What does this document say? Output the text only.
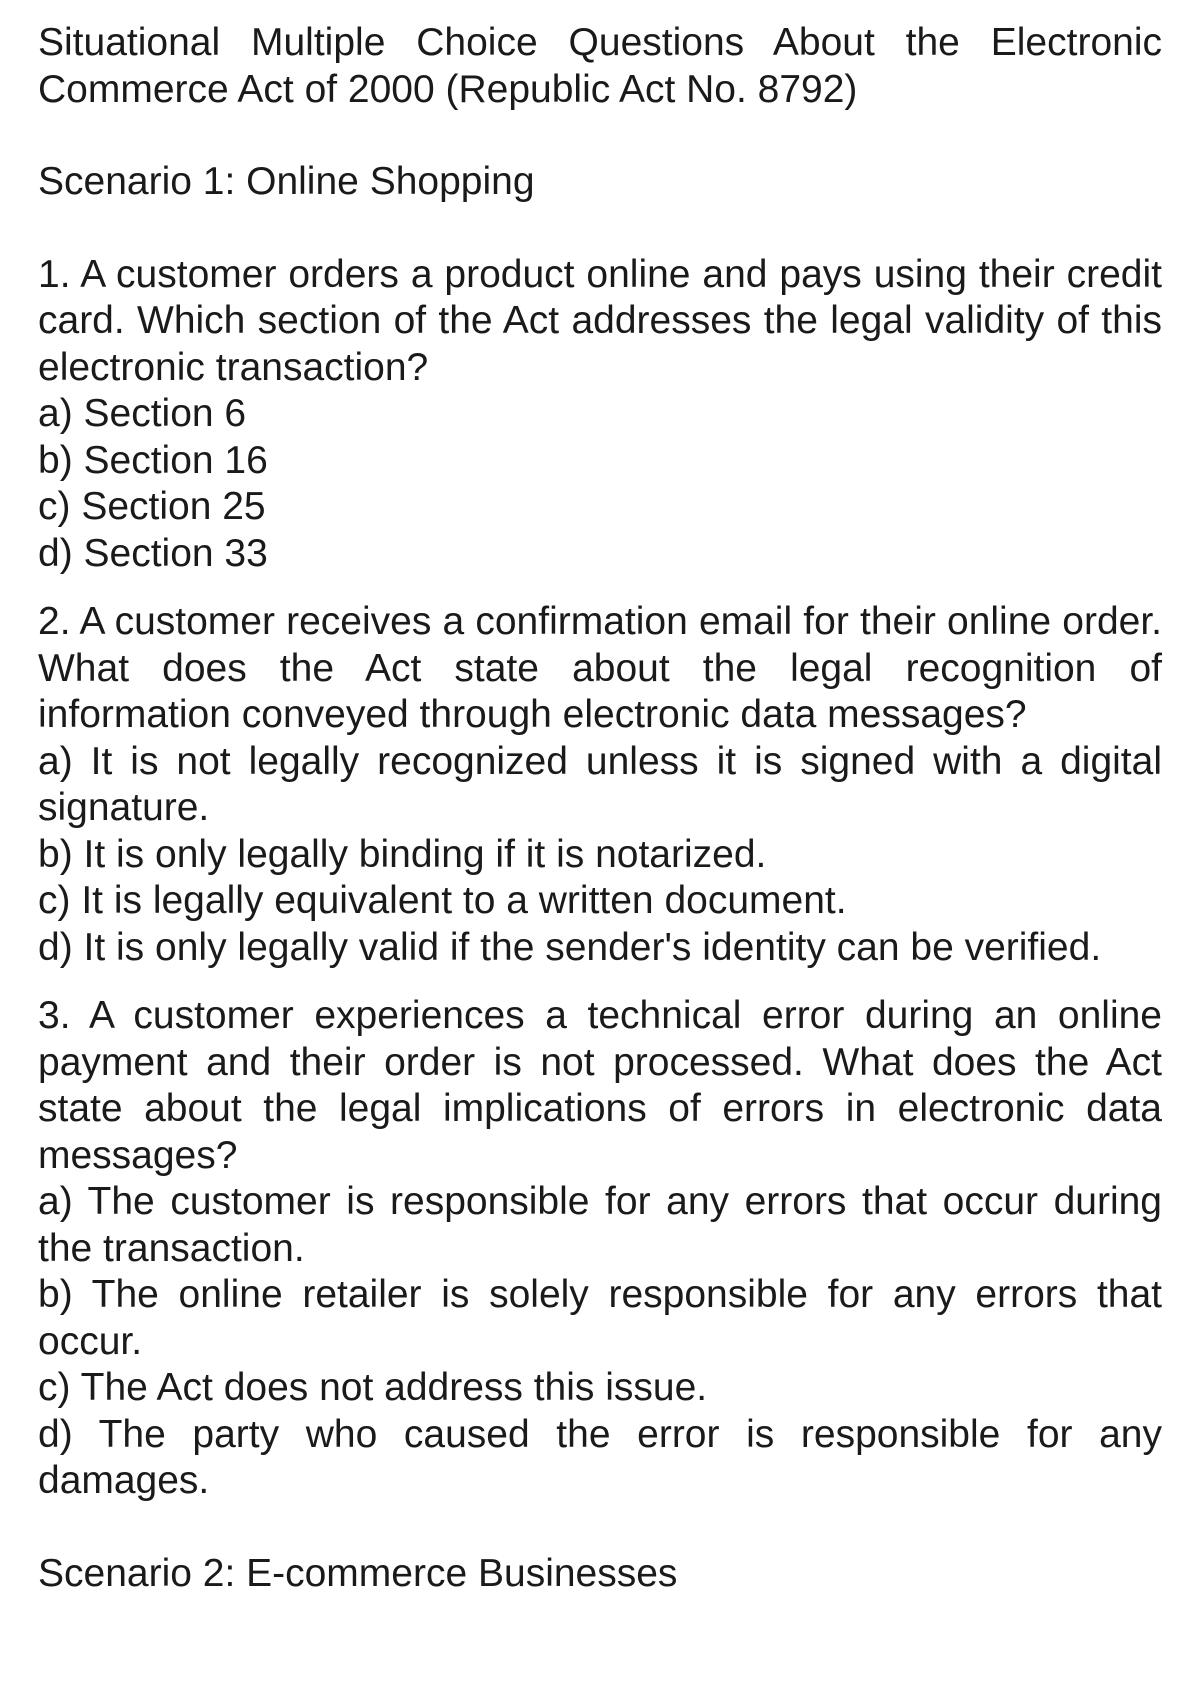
Situational Multiple Choice Questions About the Electronic Commerce Act of 2000 (Republic Act No. 8792)
Scenario 1: Online Shopping
1. A customer orders a product online and pays using their credit card. Which section of the Act addresses the legal validity of this electronic transaction?
a) Section 6
b) Section 16
c) Section 25
d) Section 33
2. A customer receives a confirmation email for their online order. What does the Act state about the legal recognition of information conveyed through electronic data messages?
a) It is not legally recognized unless it is signed with a digital signature.
b) It is only legally binding if it is notarized.
c) It is legally equivalent to a written document.
d) It is only legally valid if the sender's identity can be verified.
3. A customer experiences a technical error during an online payment and their order is not processed. What does the Act state about the legal implications of errors in electronic data messages?
a) The customer is responsible for any errors that occur during the transaction.
b) The online retailer is solely responsible for any errors that occur.
c) The Act does not address this issue.
d) The party who caused the error is responsible for any damages.
Scenario 2: E-commerce Businesses
